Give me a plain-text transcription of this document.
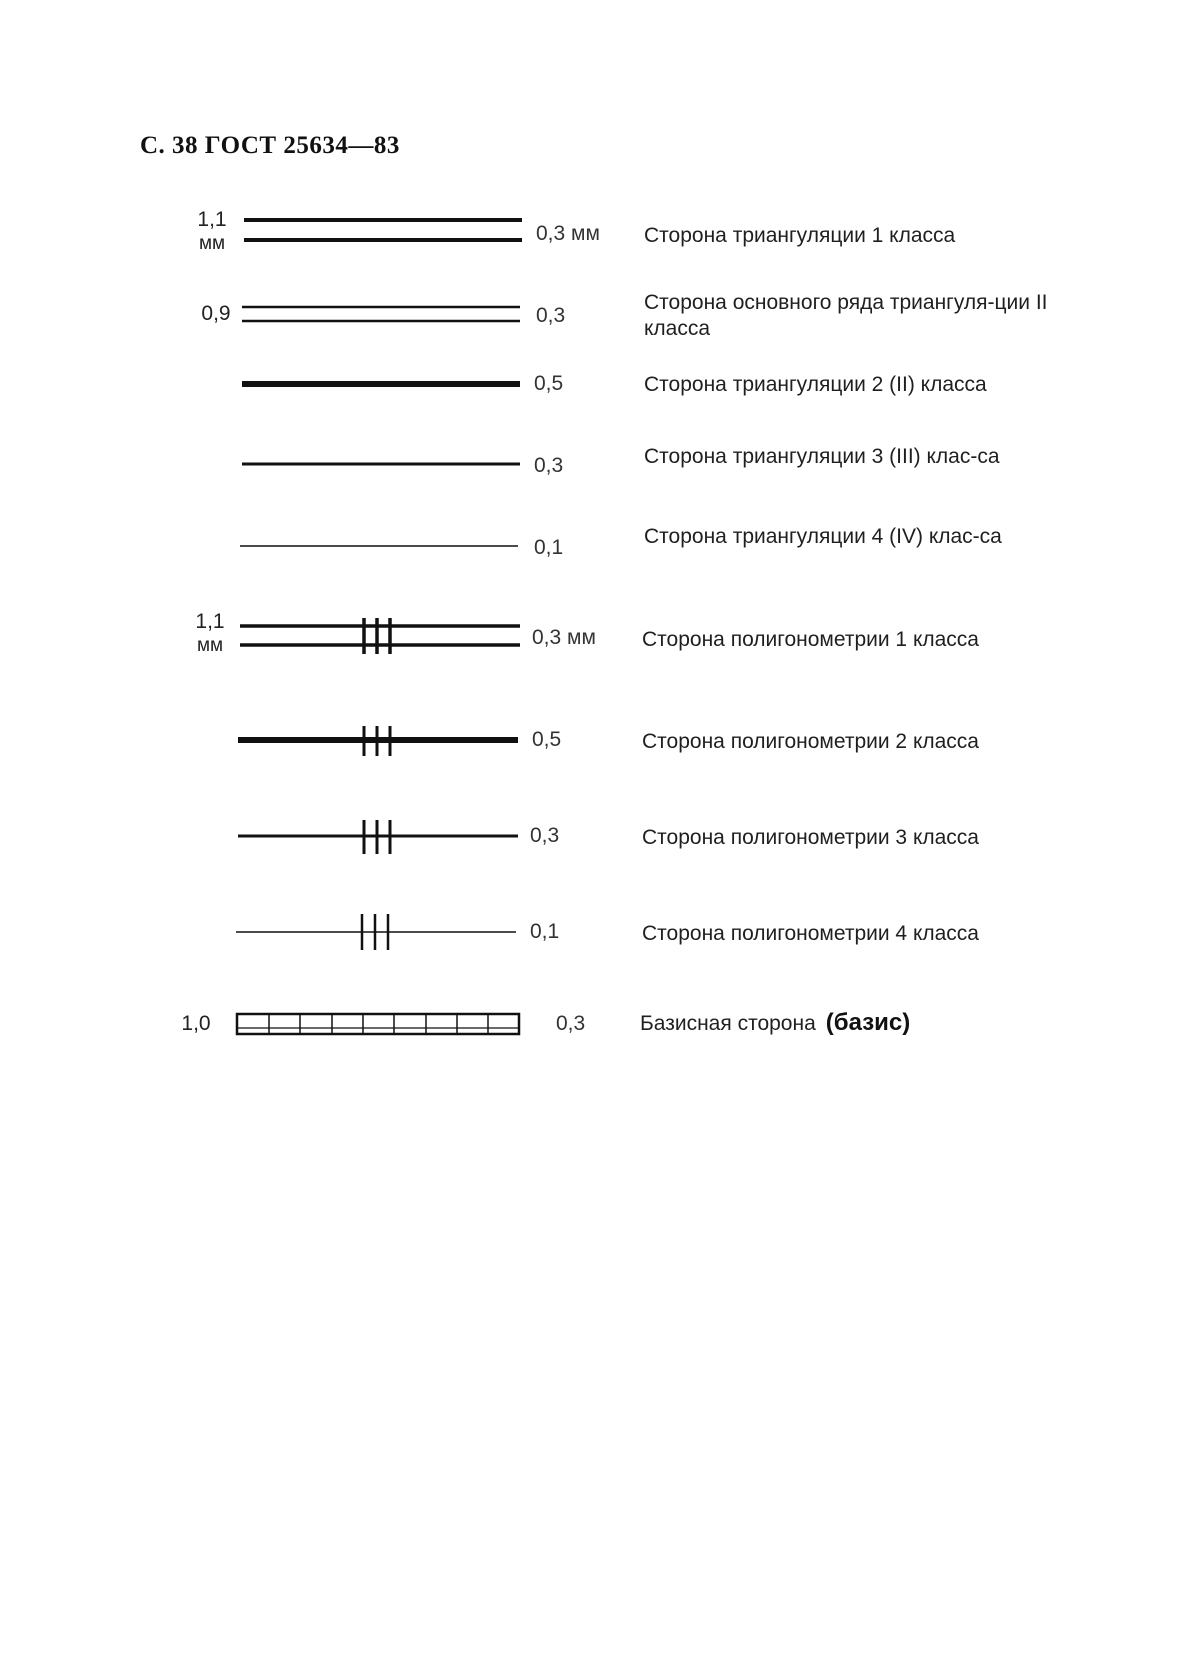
С. 38 ГОСТ 25634—83
1,1
мм	0,3 мм Сторона триангуляции 1 класса
0,9	0,3
Сторона основного ряда триангуля-ции II класса
0,5	Сторона триангуляции 2 (II) класса
0,3	Сторона триангуляции 3 (III) клас-са
0,1	Сторона триангуляции 4 (IV) клас-са
1,1
мм	0,3 мм Сторона полигонометрии 1 класса
0,5	Сторона полигонометрии 2 класса
0,3	Сторона полигонометрии 3 класса
0,1	Сторона полигонометрии 4 класса
1,0	0,3	Базисная сторона (базис)
